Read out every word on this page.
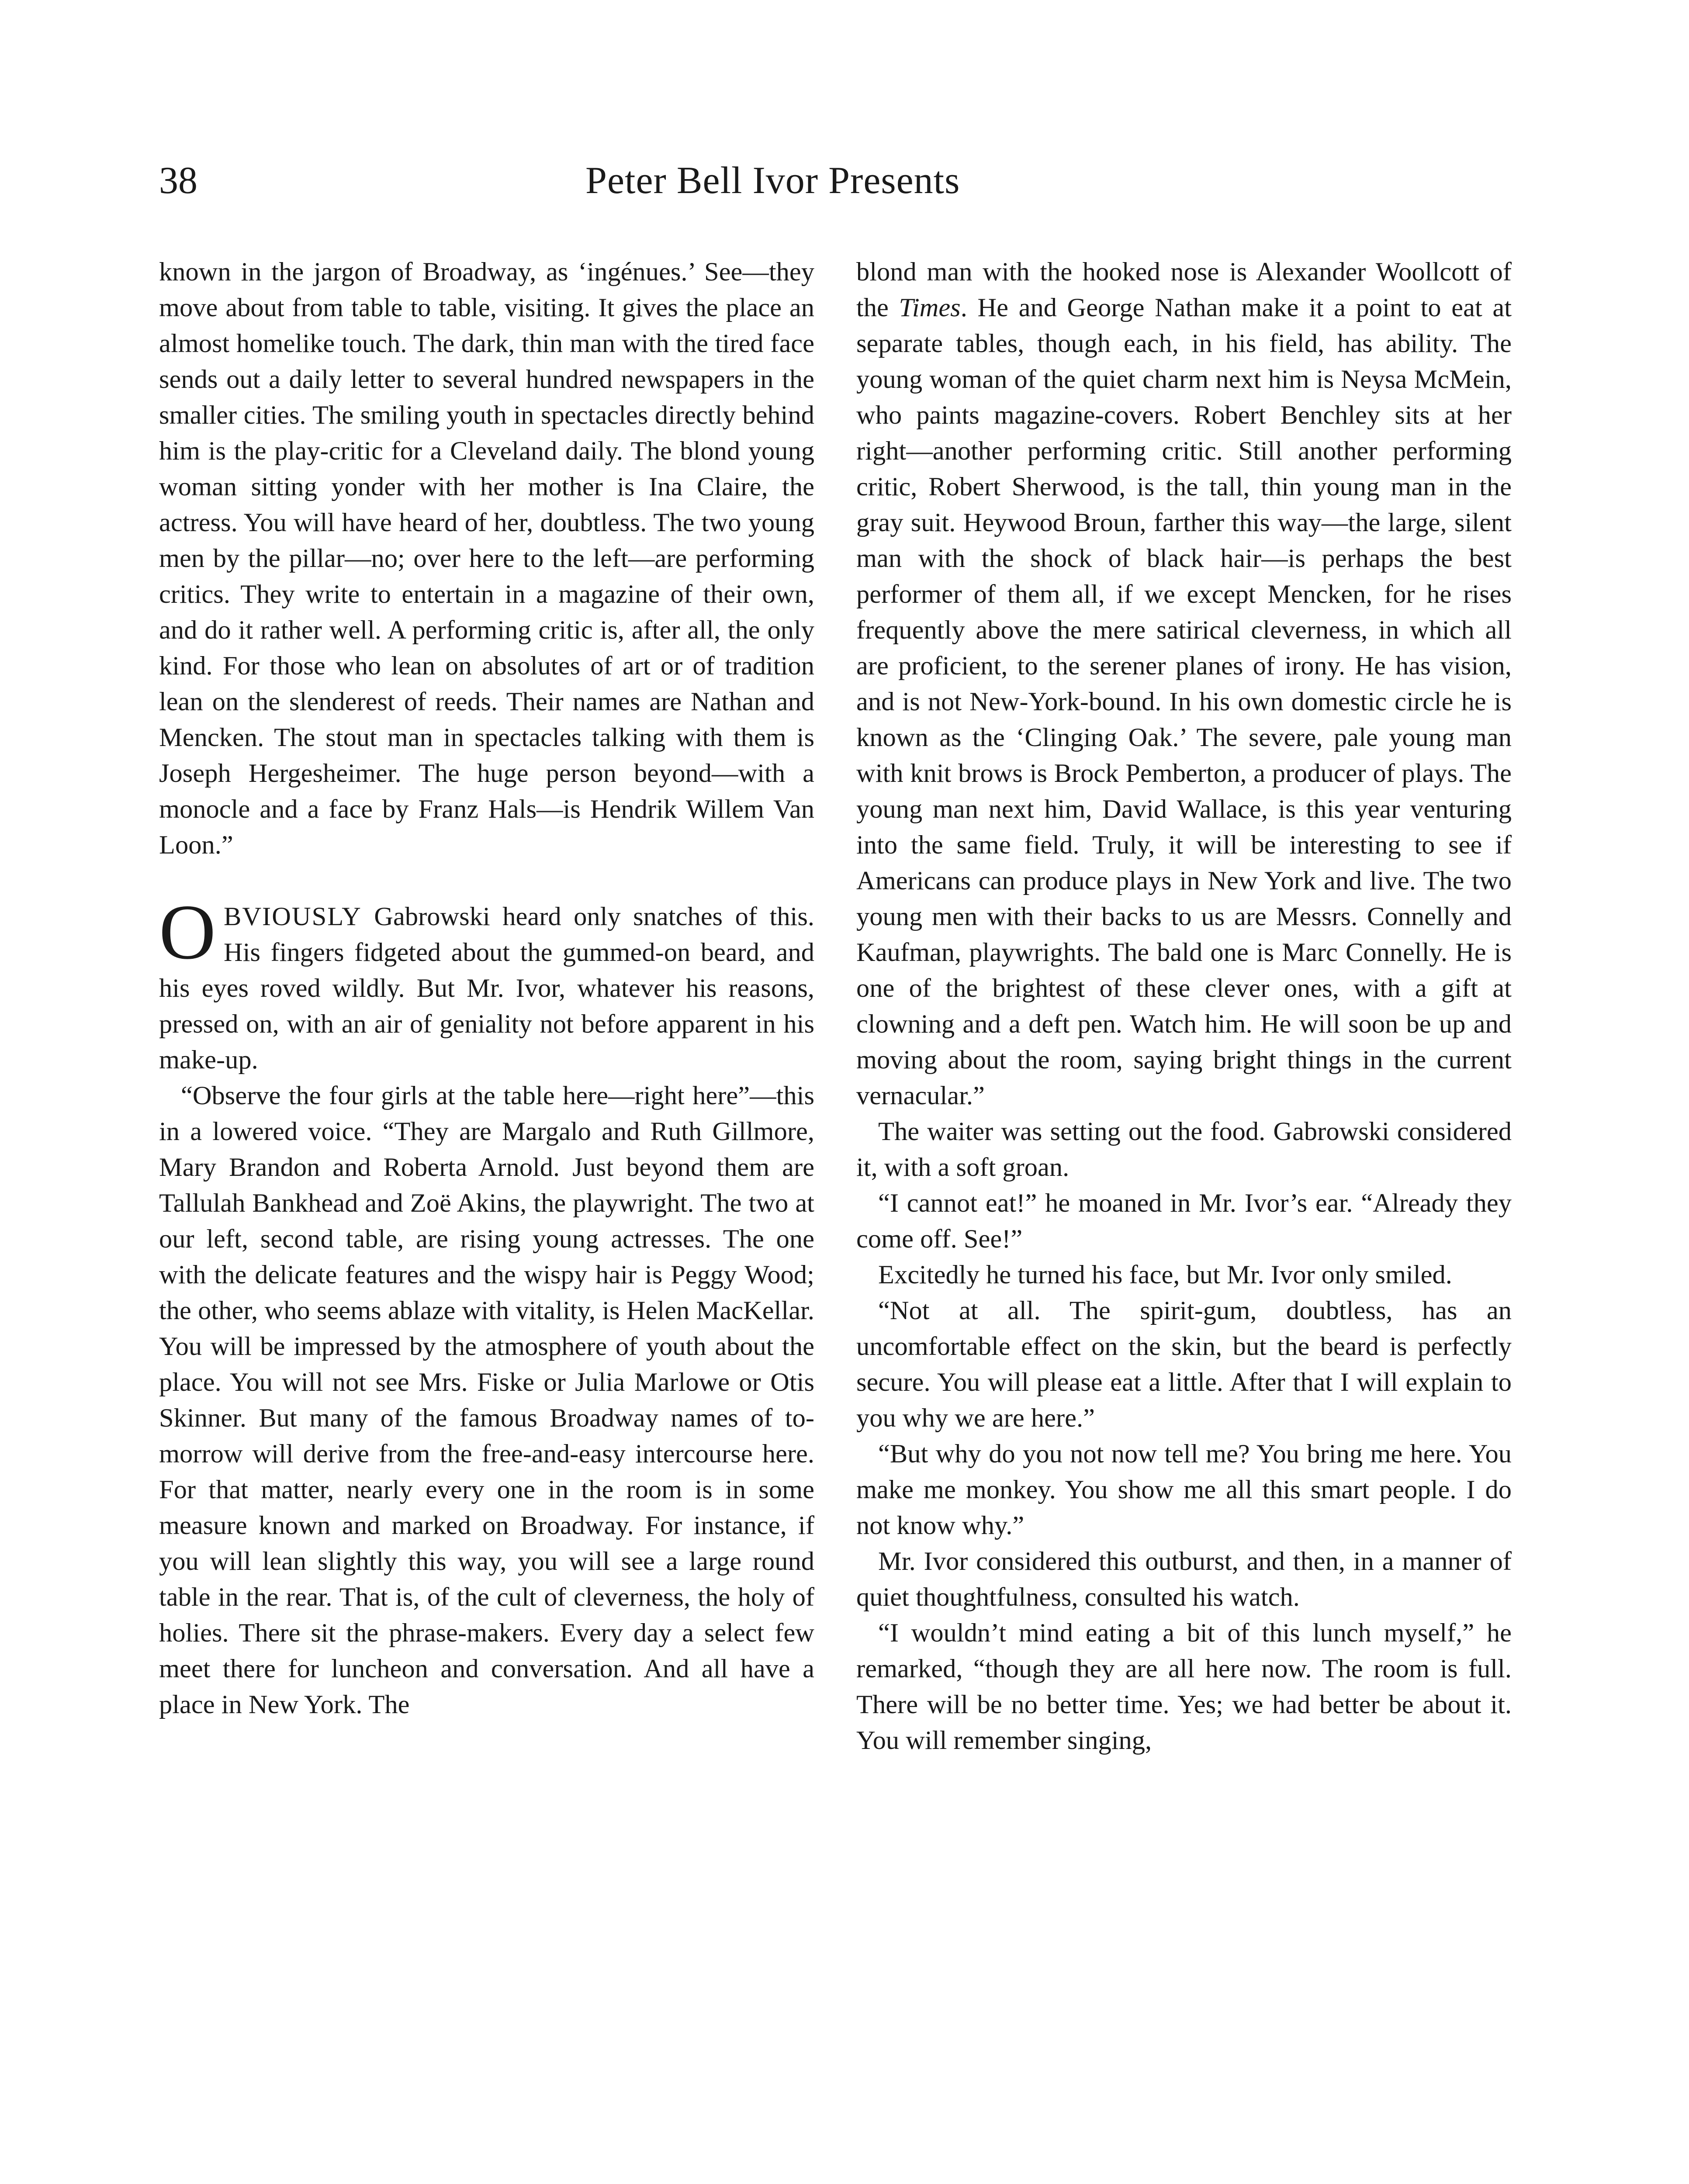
38	Peter Bell Ivor Presents

known in the jargon of Broadway, as ‘ingénues.’ See—they move about from table to table, visiting. It gives the place an almost homelike touch. The dark, thin man with the tired face sends out a daily letter to several hundred newspapers in the smaller cities. The smiling youth in spectacles directly behind him is the play-critic for a Cleveland daily. The blond young woman sitting yonder with her mother is Ina Claire, the actress. You will have heard of her, doubtless. The two young men by the pillar—no; over here to the left—are performing critics. They write to entertain in a magazine of their own, and do it rather well. A performing critic is, after all, the only kind. For those who lean on absolutes of art or of tradition lean on the slenderest of reeds. Their names are Nathan and Mencken. The stout man in spectacles talking with them is Joseph Hergesheimer. The huge person beyond—with a monocle and a face by Franz Hals—is Hendrik Willem Van Loon.”

OBVIOUSLY Gabrowski heard only snatches of this. His fingers fidgeted about the gummed-on beard, and his eyes roved wildly. But Mr. Ivor, whatever his reasons, pressed on, with an air of geniality not before apparent in his make-up.

“Observe the four girls at the table here—right here”—this in a lowered voice. “They are Margalo and Ruth Gillmore, Mary Brandon and Roberta Arnold. Just beyond them are Tallulah Bankhead and Zoë Akins, the playwright. The two at our left, second table, are rising young actresses. The one with the delicate features and the wispy hair is Peggy Wood; the other, who seems ablaze with vitality, is Helen MacKellar. You will be impressed by the atmosphere of youth about the place. You will not see Mrs. Fiske or Julia Marlowe or Otis Skinner. But many of the famous Broadway names of to-morrow will derive from the free-and-easy intercourse here. For that matter, nearly every one in the room is in some measure known and marked on Broadway. For instance, if you will lean slightly this way, you will see a large round table in the rear. That is, of the cult of cleverness, the holy of holies. There sit the phrase-makers. Every day a select few meet there for luncheon and conversation. And all have a place in New York. The

blond man with the hooked nose is Alexander Woollcott of the Times. He and George Nathan make it a point to eat at separate tables, though each, in his field, has ability. The young woman of the quiet charm next him is Neysa McMein, who paints magazine-covers. Robert Benchley sits at her right—another performing critic. Still another performing critic, Robert Sherwood, is the tall, thin young man in the gray suit. Heywood Broun, farther this way—the large, silent man with the shock of black hair—is perhaps the best performer of them all, if we except Mencken, for he rises frequently above the mere satirical cleverness, in which all are proficient, to the serener planes of irony. He has vision, and is not New-York-bound. In his own domestic circle he is known as the ‘Clinging Oak.’ The severe, pale young man with knit brows is Brock Pemberton, a producer of plays. The young man next him, David Wallace, is this year venturing into the same field. Truly, it will be interesting to see if Americans can produce plays in New York and live. The two young men with their backs to us are Messrs. Connelly and Kaufman, playwrights. The bald one is Marc Connelly. He is one of the brightest of these clever ones, with a gift at clowning and a deft pen. Watch him. He will soon be up and moving about the room, saying bright things in the current vernacular.”

The waiter was setting out the food. Gabrowski considered it, with a soft groan.

“I cannot eat!” he moaned in Mr. Ivor’s ear. “Already they come off. See!”

Excitedly he turned his face, but Mr. Ivor only smiled.

“Not at all. The spirit-gum, doubtless, has an uncomfortable effect on the skin, but the beard is perfectly secure. You will please eat a little. After that I will explain to you why we are here.”

“But why do you not now tell me? You bring me here. You make me monkey. You show me all this smart people. I do not know why.”

Mr. Ivor considered this outburst, and then, in a manner of quiet thoughtfulness, consulted his watch.

“I wouldn’t mind eating a bit of this lunch myself,” he remarked, “though they are all here now. The room is full. There will be no better time. Yes; we had better be about it. You will remember singing,
